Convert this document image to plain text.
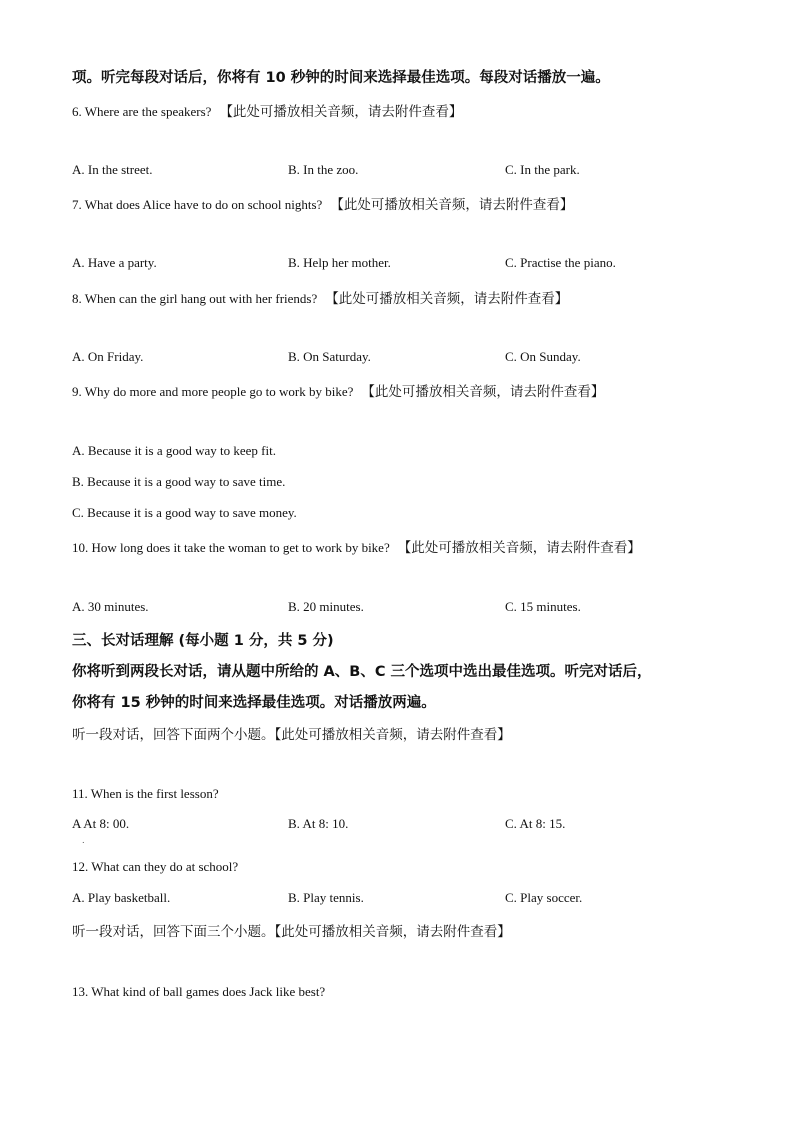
项。听完每段对话后，你将有 10 秒钟的时间来选择最佳选项。每段对话播放一遍。
6. Where are the speakers? 【此处可播放相关音频，请去附件查看】
A. In the street.	B. In the zoo.	C. In the park.
7. What does Alice have to do on school nights? 【此处可播放相关音频，请去附件查看】
A. Have a party.	B. Help her mother.	C. Practise the piano.
8. When can the girl hang out with her friends? 【此处可播放相关音频，请去附件查看】
A. On Friday.	B. On Saturday.	C. On Sunday.
9. Why do more and more people go to work by bike? 【此处可播放相关音频，请去附件查看】
A. Because it is a good way to keep fit.
B. Because it is a good way to save time.
C. Because it is a good way to save money.
10. How long does it take the woman to get to work by bike? 【此处可播放相关音频，请去附件查看】
A. 30 minutes.	B. 20 minutes.	C. 15 minutes.
三、长对话理解 (每小题 1 分，共 5 分)
你将听到两段长对话，请从题中所给的 A、B、C 三个选项中选出最佳选项。听完对话后，
你将有 15 秒钟的时间来选择最佳选项。对话播放两遍。
听一段对话，回答下面两个小题。【此处可播放相关音频，请去附件查看】
11. When is the first lesson?
A At 8: 00.
.
B. At 8: 10.	C. At 8: 15.
12. What can they do at school?
A. Play basketball.	B. Play tennis.	C. Play soccer.
听一段对话，回答下面三个小题。【此处可播放相关音频，请去附件查看】
13. What kind of ball games does Jack like best?
